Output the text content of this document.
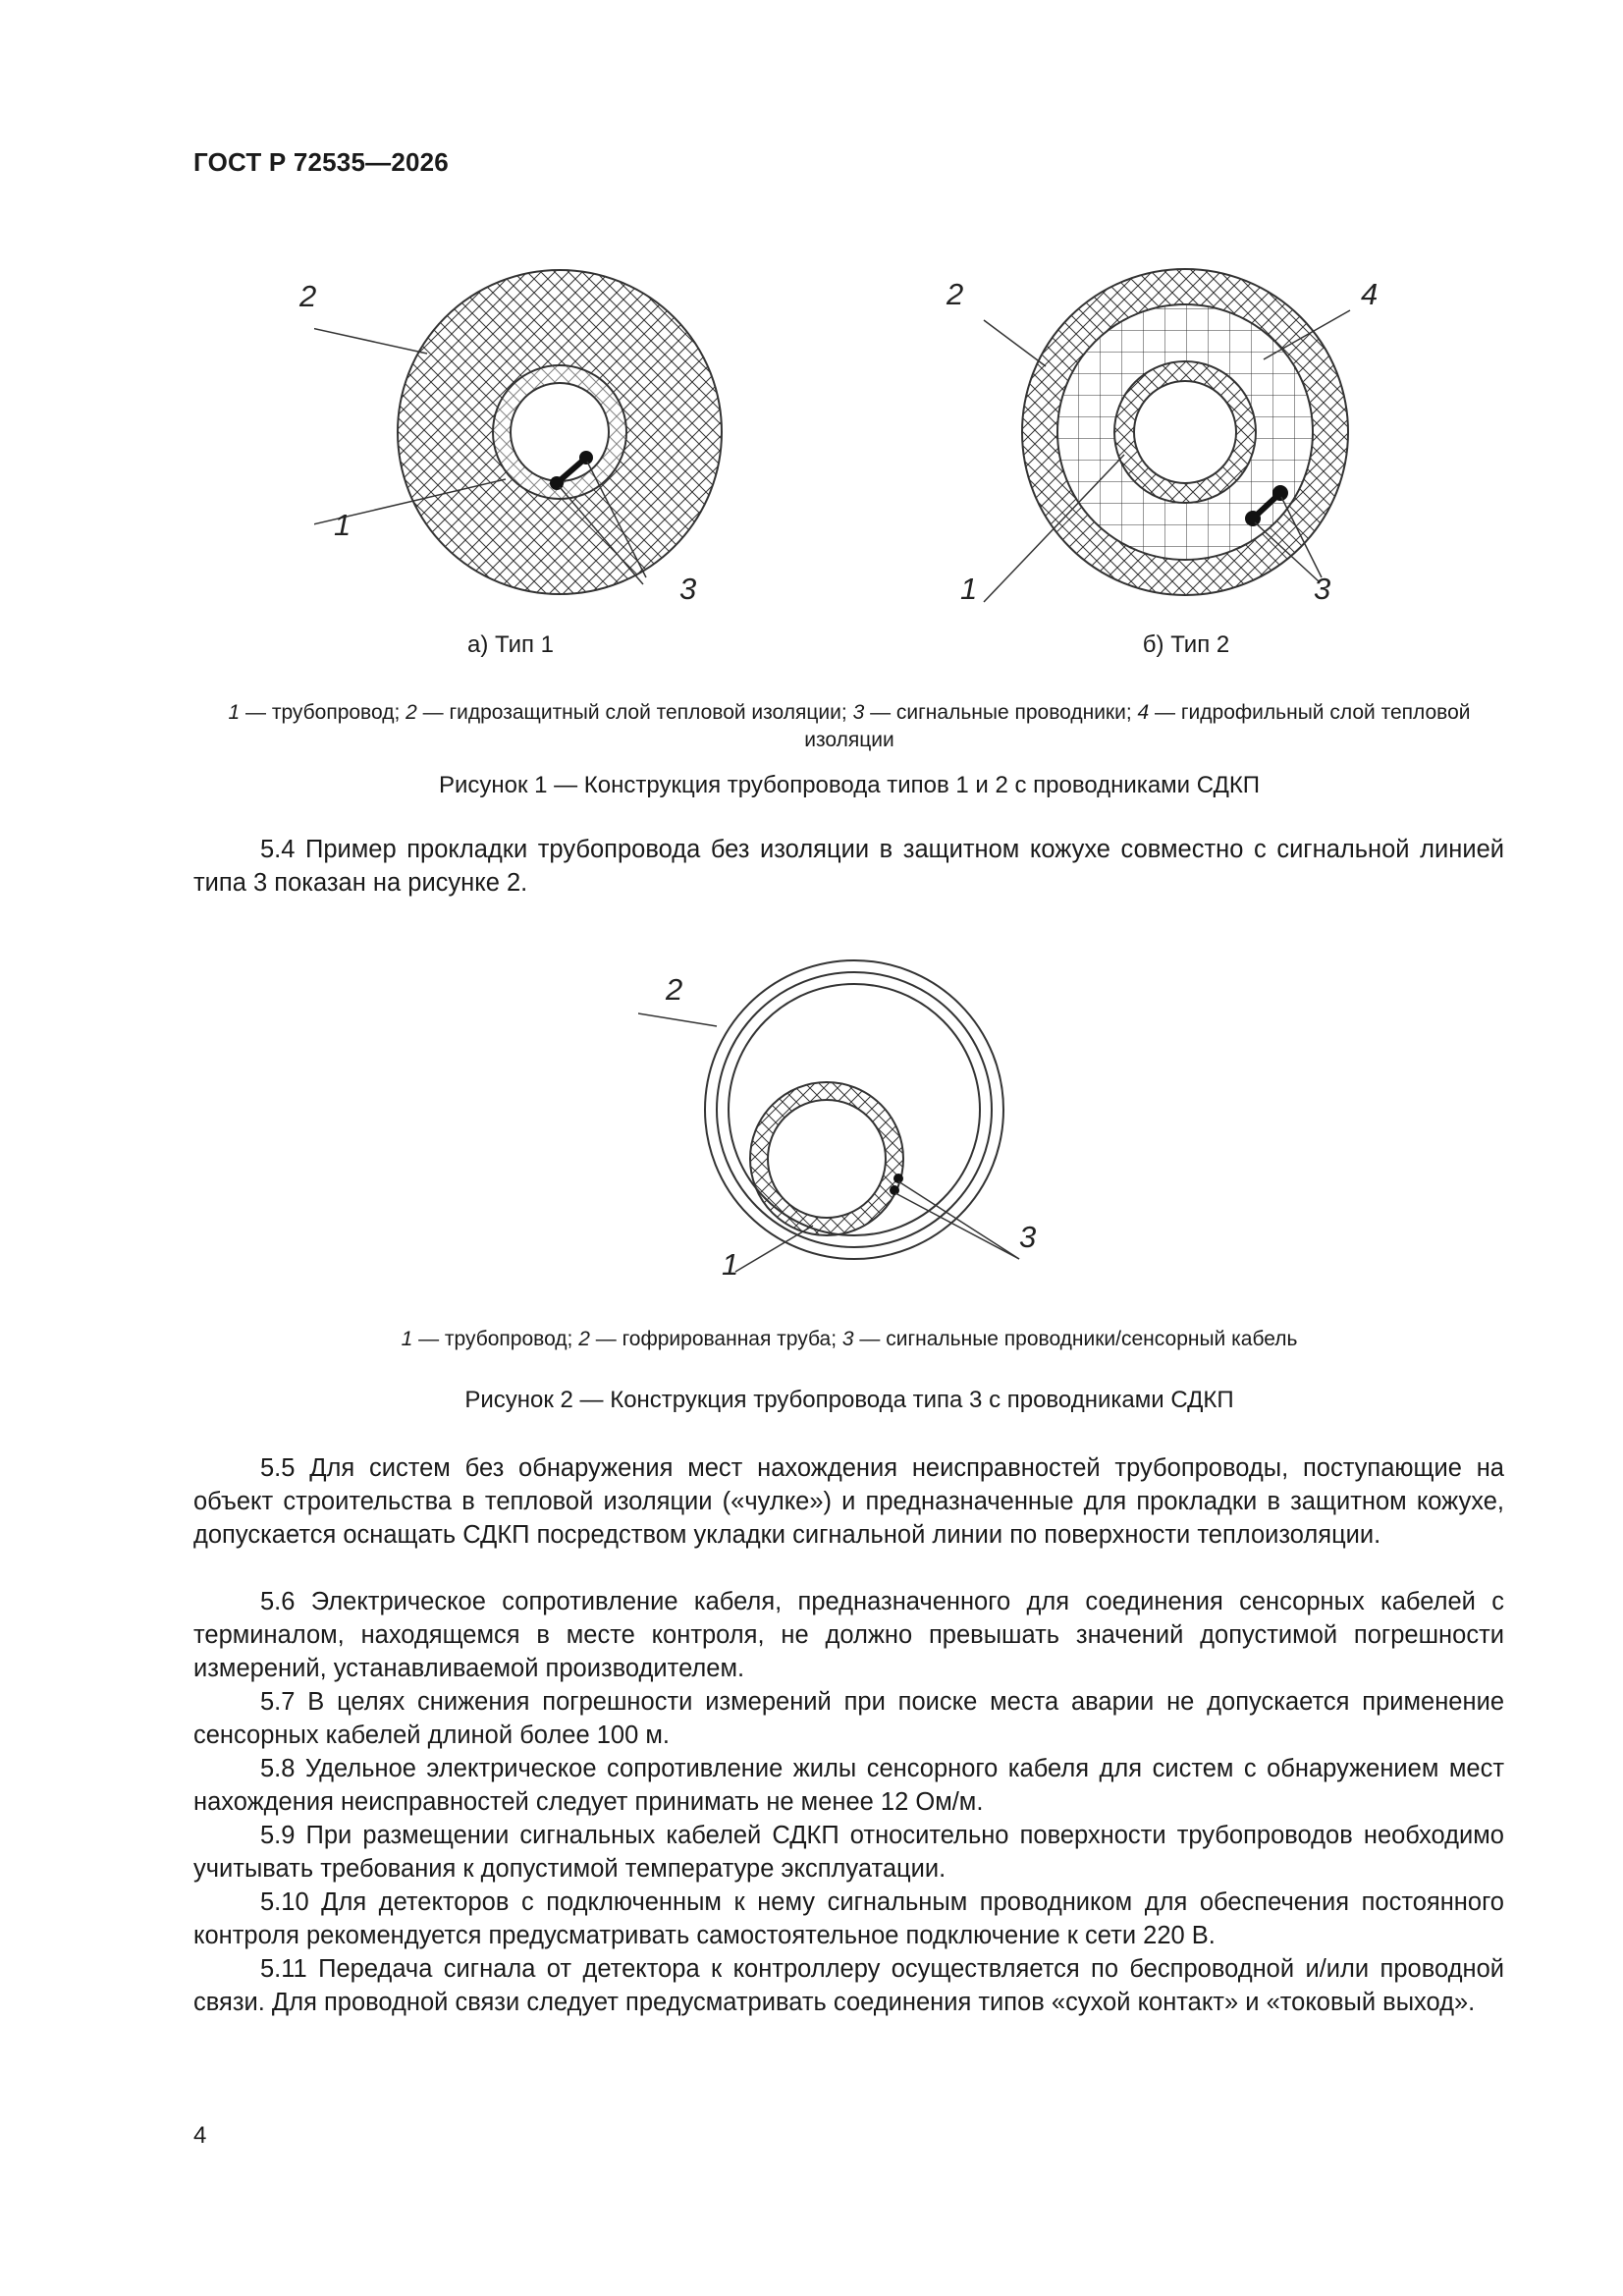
ГОСТ Р 72535—2026
2
1
3
2	4
1	3
а) Тип 1	б) Тип 2
1 — трубопровод; 2 — гидрозащитный слой тепловой изоляции; 3 — сигнальные проводники; 4 — гидрофильный слой тепловой изоляции
Рисунок 1 — Конструкция трубопровода типов 1 и 2 с проводниками СДКП

5.4 Пример прокладки трубопровода без изоляции в защитном кожухе совместно с сигнальной линией типа 3 показан на рисунке 2.

2
1
3
1 — трубопровод; 2 — гофрированная труба; 3 — сигнальные проводники/сенсорный кабель
Рисунок 2 — Конструкция трубопровода типа 3 с проводниками СДКП

5.5 Для систем без обнаружения мест нахождения неисправностей трубопроводы, поступающие на объект строительства в тепловой изоляции («чулке») и предназначенные для прокладки в защитном кожухе, допускается оснащать СДКП посредством укладки сигнальной линии по поверхности теплоизоляции.

5.6 Электрическое сопротивление кабеля, предназначенного для соединения сенсорных кабелей с терминалом, находящемся в месте контроля, не должно превышать значений допустимой погрешности измерений, устанавливаемой производителем.

5.7 В целях снижения погрешности измерений при поиске места аварии не допускается применение сенсорных кабелей длиной более 100 м.

5.8 Удельное электрическое сопротивление жилы сенсорного кабеля для систем с обнаружением мест нахождения неисправностей следует принимать не менее 12 Ом/м.

5.9 При размещении сигнальных кабелей СДКП относительно поверхности трубопроводов необходимо учитывать требования к допустимой температуре эксплуатации.

5.10 Для детекторов с подключенным к нему сигнальным проводником для обеспечения постоянного контроля рекомендуется предусматривать самостоятельное подключение к сети 220 В.

5.11 Передача сигнала от детектора к контроллеру осуществляется по беспроводной и/или проводной связи. Для проводной связи следует предусматривать соединения типов «сухой контакт» и «токовый выход».

4
